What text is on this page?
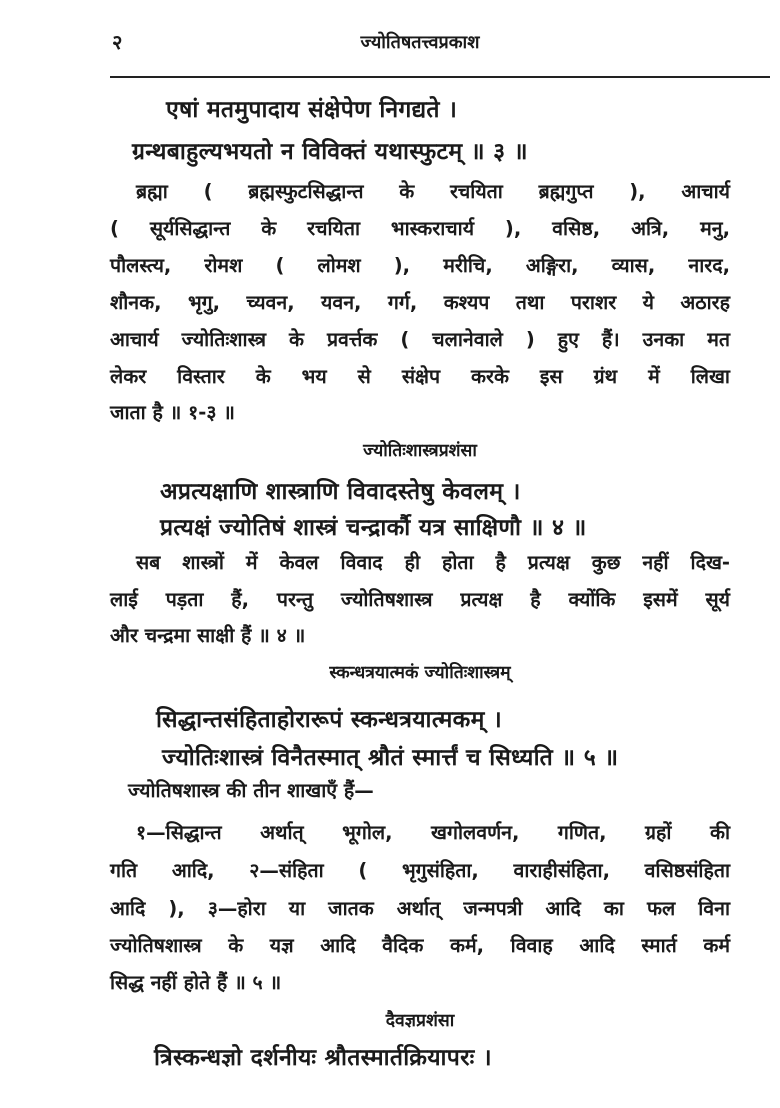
२	ज्योतिषतत्त्वप्रकाश
एषां मतमुपादाय संक्षेपेण निगद्यते ।
ग्रन्थबाहुल्यभयतो न विविक्तं यथास्फुटम् ॥ ३ ॥
ब्रह्मा ( ब्रह्मस्फुटसिद्धान्त के रचयिता ब्रह्मगुप्त ), आचार्य
( सूर्यसिद्धान्त के रचयिता भास्कराचार्य ), वसिष्ठ, अत्रि, मनु,
पौलस्त्य, रोमश ( लोमश ), मरीचि, अङ्गिरा, व्यास, नारद,
शौनक, भृगु, च्यवन, यवन, गर्ग, कश्यप तथा पराशर ये अठारह
आचार्य ज्योतिःशास्त्र के प्रवर्त्तक ( चलानेवाले ) हुए हैं। उनका मत
लेकर विस्तार के भय से संक्षेप करके इस ग्रंथ में लिखा
जाता है ॥ १-३ ॥
ज्योतिःशास्त्रप्रशंसा
अप्रत्यक्षाणि शास्त्राणि विवादस्तेषु केवलम् ।
प्रत्यक्षं ज्योतिषं शास्त्रं चन्द्रार्कौ यत्र साक्षिणौ ॥ ४ ॥
सब शास्त्रों में केवल विवाद ही होता है प्रत्यक्ष कुछ नहीं दिख-
लाई पड़ता हैं, परन्तु ज्योतिषशास्त्र प्रत्यक्ष है क्योंकि इसमें सूर्य
और चन्द्रमा साक्षी हैं ॥ ४ ॥
स्कन्धत्रयात्मकं ज्योतिःशास्त्रम्
सिद्धान्तसंहिताहोरारूपं स्कन्धत्रयात्मकम् ।
ज्योतिःशास्त्रं विनैतस्मात् श्रौतं स्मार्त्तं च सिध्यति ॥ ५ ॥
ज्योतिषशास्त्र की तीन शाखाएँ हैं—
१—सिद्धान्त अर्थात् भूगोल, खगोलवर्णन, गणित, ग्रहों की
गति आदि, २—संहिता ( भृगुसंहिता, वाराहीसंहिता, वसिष्ठसंहिता
आदि ), ३—होरा या जातक अर्थात् जन्मपत्री आदि का फल विना
ज्योतिषशास्त्र के यज्ञ आदि वैदिक कर्म, विवाह आदि स्मार्त कर्म
सिद्ध नहीं होते हैं ॥ ५ ॥
दैवज्ञप्रशंसा
त्रिस्कन्धज्ञो दर्शनीयः श्रौतस्मार्तक्रियापरः ।
